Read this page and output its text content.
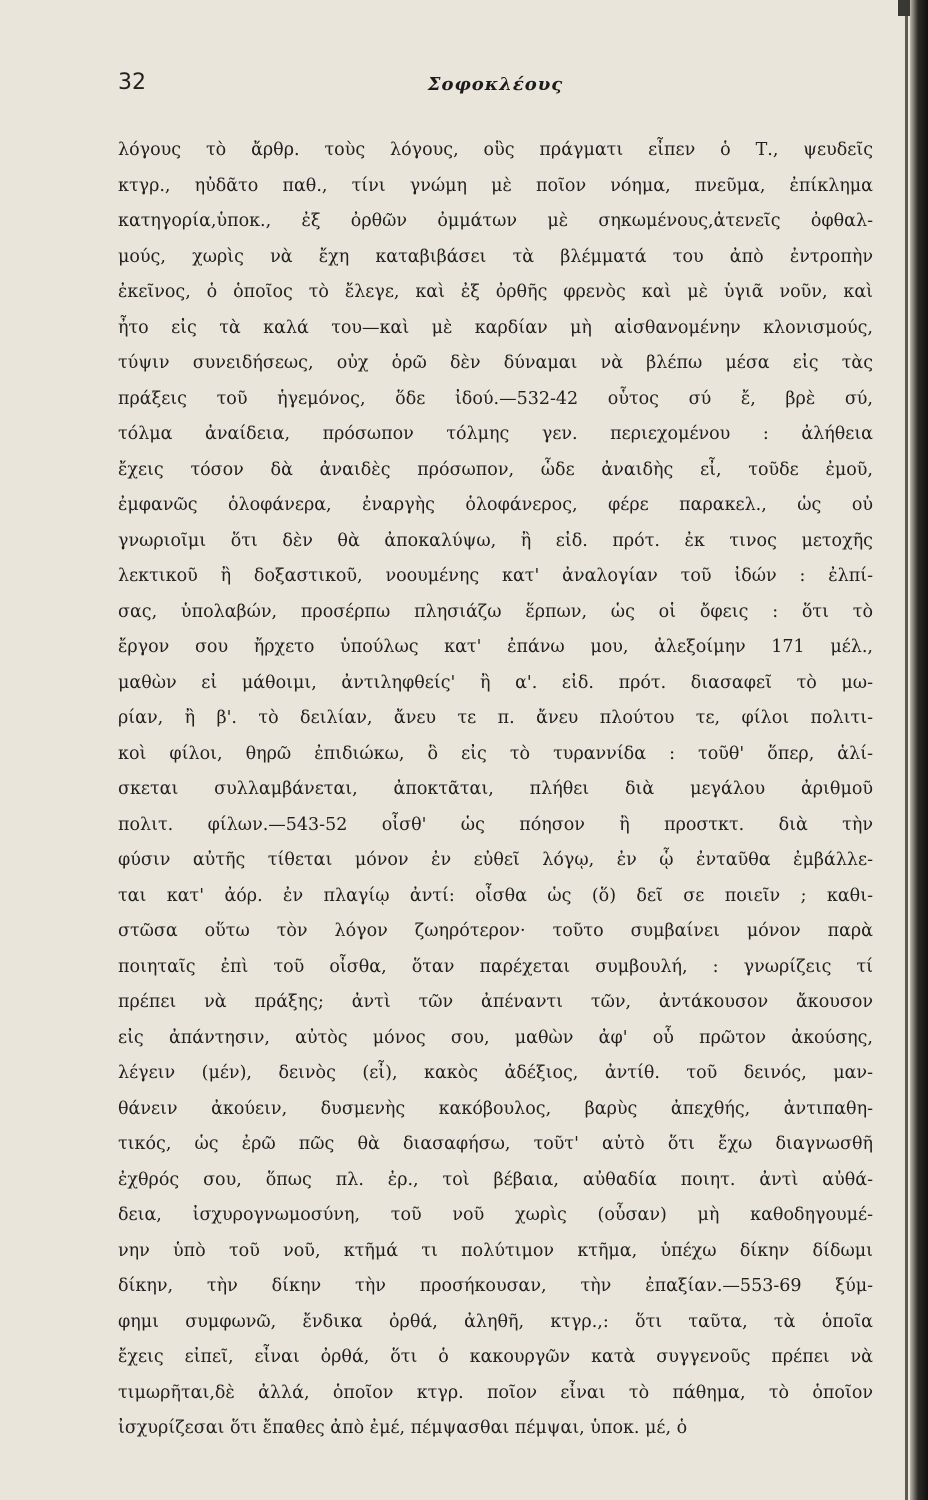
32	Σοφοκλέους
λόγους τὸ ἄρθρ. τοὺς λόγους, οὓς πράγματι εἶπεν ὁ Τ., ψευδεῖς
κτγρ., ηὐδᾶτο παθ., τίνι γνώμη μὲ ποῖον νόημα, πνεῦμα, ἐπίκλημα
κατηγορία,ὑποκ., ἐξ ὀρθῶν ὀμμάτων μὲ σηκωμένους,ἀτενεῖς ὀφθαλ-
μούς, χωρὶς νὰ ἔχη καταβιβάσει τὰ βλέμματά του ἀπὸ ἐντροπὴν
ἐκεῖνος, ὁ ὁποῖος τὸ ἔλεγε, καὶ ἐξ ὀρθῆς φρενὸς καὶ μὲ ὑγιᾶ νοῦν, καὶ
ἦτο εἰς τὰ καλά του—καὶ μὲ καρδίαν μὴ αἰσθανομένην κλονισμούς,
τύψιν συνειδήσεως, οὐχ ὁρῶ δὲν δύναμαι νὰ βλέπω μέσα εἰς τὰς
πράξεις τοῦ ἡγεμόνος, ὅδε ἰδού.—532-42 οὗτος σύ ἔ, βρὲ σύ,
τόλμα ἀναίδεια, πρόσωπον τόλμης γεν. περιεχομένου : ἀλήθεια
ἔχεις τόσον δὰ ἀναιδὲς πρόσωπον, ὧδε ἀναιδὴς εἶ, τοῦδε ἐμοῦ,
ἐμφανῶς ὁλοφάνερα, ἐναργὴς ὁλοφάνερος, φέρε παρακελ., ὡς οὐ
γνωριοῖμι ὅτι δὲν θὰ ἀποκαλύψω, ἢ εἰδ. πρότ. ἐκ τινος μετοχῆς
λεκτικοῦ ἢ δοξαστικοῦ, νοουμένης κατ' ἀναλογίαν τοῦ ἰδών : ἐλπί-
σας, ὑπολαβών, προσέρπω πλησιάζω ἕρπων, ὡς οἱ ὄφεις : ὅτι τὸ
ἔργον σου ἤρχετο ὑπούλως κατ' ἐπάνω μου, ἀλεξοίμην 171 μέλ.,
μαθὼν εἰ μάθοιμι, ἀντιληφθείς' ἢ α'. εἰδ. πρότ. διασαφεῖ τὸ μω-
ρίαν, ἢ β'. τὸ δειλίαν, ἄνευ τε π. ἄνευ πλούτου τε, φίλοι πολιτι-
κοὶ φίλοι, θηρῶ ἐπιδιώκω, ὃ εἰς τὸ τυραννίδα : τοῦθ' ὅπερ, ἁλί-
σκεται συλλαμβάνεται, ἀποκτᾶται, πλήθει διὰ μεγάλου ἀριθμοῦ
πολιτ. φίλων.—543-52 οἶσθ' ὡς πόησον ἢ προστκτ. διὰ τὴν
φύσιν αὐτῆς τίθεται μόνον ἐν εὐθεῖ λόγῳ, ἐν ᾧ ἐνταῦθα ἐμβάλλε-
ται κατ' ἀόρ. ἐν πλαγίῳ ἀντί: οἶσθα ὡς (ὅ) δεῖ σε ποιεῖν ; καθι-
στῶσα οὕτω τὸν λόγον ζωηρότερον· τοῦτο συμβαίνει μόνον παρὰ
ποιηταῖς ἐπὶ τοῦ οἶσθα, ὅταν παρέχεται συμβουλή, : γνωρίζεις τί
πρέπει νὰ πράξης; ἀντὶ τῶν ἀπέναντι τῶν, ἀντάκουσον ἄκουσον
εἰς ἀπάντησιν, αὐτὸς μόνος σου, μαθὼν ἀφ' οὗ πρῶτον ἀκούσης,
λέγειν (μέν), δεινὸς (εἶ), κακὸς ἀδέξιος, ἀντίθ. τοῦ δεινός, μαν-
θάνειν ἀκούειν, δυσμενὴς κακόβουλος, βαρὺς ἀπεχθής, ἀντιπαθη-
τικός, ὡς ἐρῶ πῶς θὰ διασαφήσω, τοῦτ' αὐτὸ ὅτι ἔχω διαγνωσθῆ
ἐχθρός σου, ὅπως πλ. ἐρ., τοὶ βέβαια, αὐθαδία ποιητ. ἀντὶ αὐθά-
δεια, ἰσχυρογνωμοσύνη, τοῦ νοῦ χωρὶς (οὖσαν) μὴ καθοδηγουμέ-
νην ὑπὸ τοῦ νοῦ, κτῆμά τι πολύτιμον κτῆμα, ὑπέχω δίκην δίδωμι
δίκην, τὴν δίκην τὴν προσήκουσαν, τὴν ἐπαξίαν.—553-69 ξύμ-
φημι συμφωνῶ, ἔνδικα ὀρθά, ἀληθῆ, κτγρ.,: ὅτι ταῦτα, τὰ ὁποῖα
ἔχεις εἰπεῖ, εἶναι ὀρθά, ὅτι ὁ κακουργῶν κατὰ συγγενοῦς πρέπει νὰ
τιμωρῆται,δὲ ἀλλά, ὁποῖον κτγρ. ποῖον εἶναι τὸ πάθημα, τὸ ὁποῖον
ἰσχυρίζεσαι ὅτι ἔπαθες ἀπὸ ἐμέ, πέμψασθαι πέμψαι, ὑποκ. μέ, ὁ
